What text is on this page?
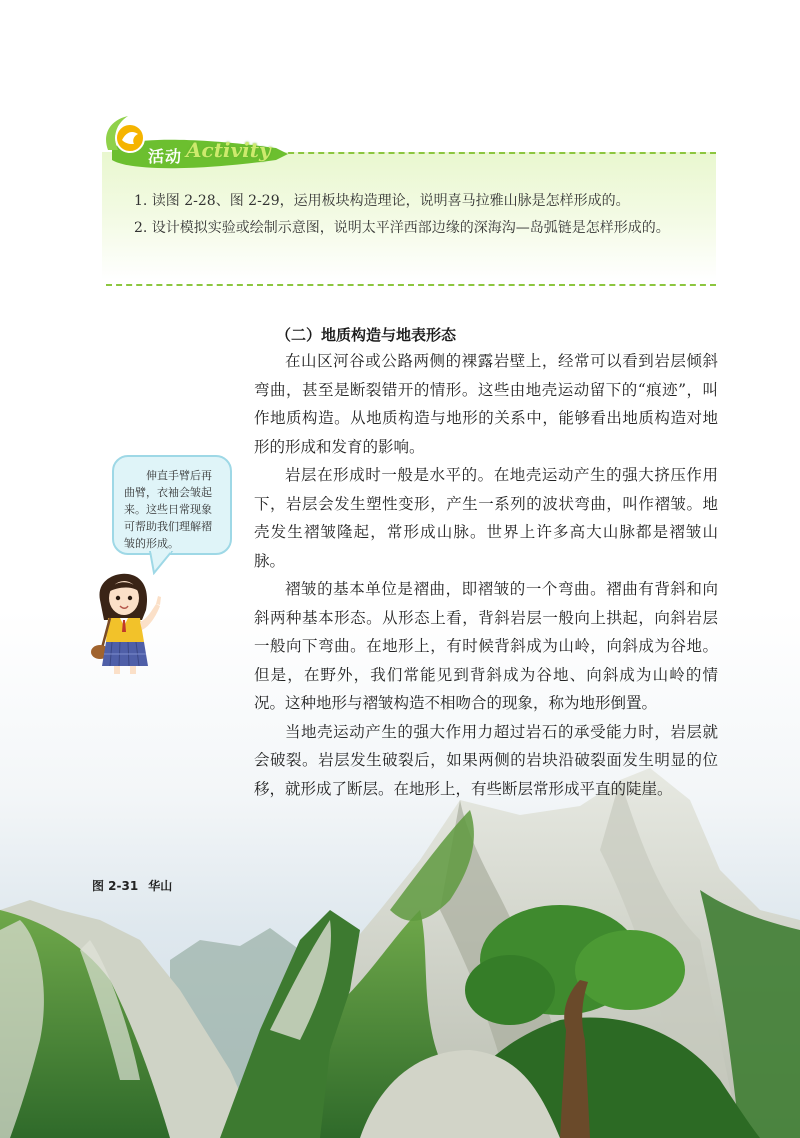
活动 Activity

1. 读图 2-28、图 2-29，运用板块构造理论，说明喜马拉雅山脉是怎样形成的。

2. 设计模拟实验或绘制示意图，说明太平洋西部边缘的深海沟—岛弧链是怎样形成的。

图 2-31 华山
（二）地质构造与地表形态

在山区河谷或公路两侧的裸露岩壁上，经常可以看到岩层倾斜弯曲，甚至是断裂错开的情形。这些由地壳运动留下的“痕迹”，叫作地质构造。从地质构造与地形的关系中，能够看出地质构造对地形的形成和发育的影响。

岩层在形成时一般是水平的。在地壳运动产生的强大挤压作用下，岩层会发生塑性变形，产生一系列的波状弯曲，叫作褶皱。地壳发生褶皱隆起，常形成山脉。世界上许多高大山脉都是褶皱山脉。

褶皱的基本单位是褶曲，即褶皱的一个弯曲。褶曲有背斜和向斜两种基本形态。从形态上看，背斜岩层一般向上拱起，向斜岩层一般向下弯曲。在地形上，有时候背斜成为山岭，向斜成为谷地。但是，在野外，我们常能见到背斜成为谷地、向斜成为山岭的情况。这种地形与褶皱构造不相吻合的现象，称为地形倒置。

当地壳运动产生的强大作用力超过岩石的承受能力时，岩层就会破裂。岩层发生破裂后，如果两侧的岩块沿破裂面发生明显的位移，就形成了断层。在地形上，有些断层常形成平直的陡崖。

伸直手臂后再曲臂，衣袖会皱起来。这些日常现象可帮助我们理解褶皱的形成。
